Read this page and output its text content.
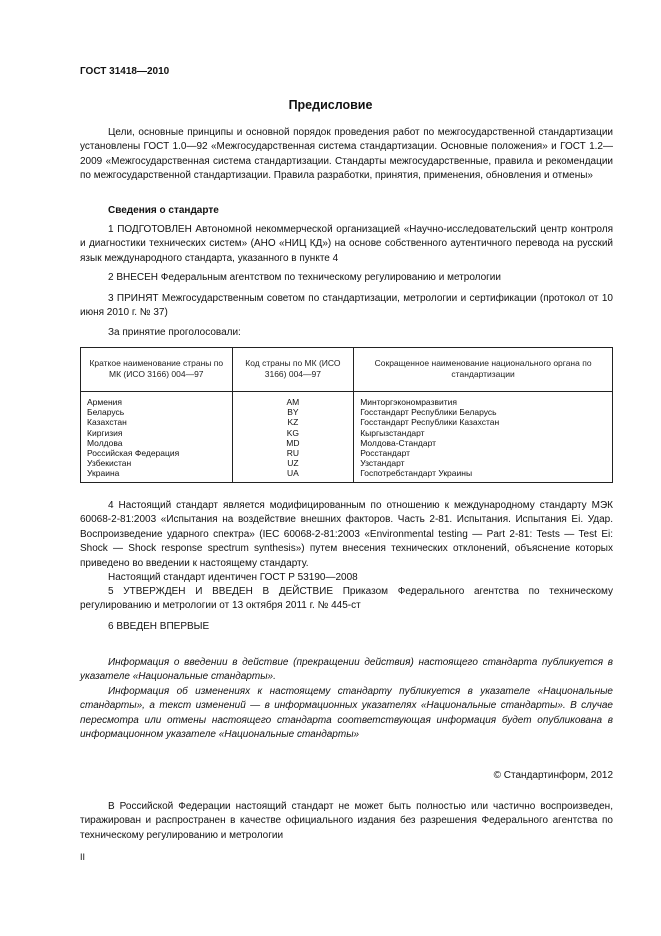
ГОСТ 31418—2010
Предисловие

Цели, основные принципы и основной порядок проведения работ по межгосударственной стандартизации установлены ГОСТ 1.0—92 «Межгосударственная система стандартизации. Основные положения» и ГОСТ 1.2—2009 «Межгосударственная система стандартизации. Стандарты межгосударственные, правила и рекомендации по межгосударственной стандартизации. Правила разработки, принятия, применения, обновления и отмены»

Сведения о стандарте

1 ПОДГОТОВЛЕН Автономной некоммерческой организацией «Научно-исследовательский центр контроля и диагностики технических систем» (АНО «НИЦ КД») на основе собственного аутентичного перевода на русский язык международного стандарта, указанного в пункте 4

2 ВНЕСЕН Федеральным агентством по техническому регулированию и метрологии

3 ПРИНЯТ Межгосударственным советом по стандартизации, метрологии и сертификации (протокол от 10 июня 2010 г. № 37)

За принятие проголосовали:

Краткое наименование страны по МК (ИСО 3166) 004—97	Код страны по МК (ИСО 3166) 004—97	Сокращенное наименование национального органа по стандартизации

Армения	AM	Минторгэкономразвития
Беларусь	BY	Госстандарт Республики Беларусь
Казахстан	KZ	Госстандарт Республики Казахстан
Киргизия	KG	Кыргызстандарт
Молдова	MD	Молдова-Стандарт
Российская Федерация	RU	Росстандарт
Узбекистан	UZ	Узстандарт
Украина	UA	Госпотребстандарт Украины

4 Настоящий стандарт является модифицированным по отношению к международному стандарту МЭК 60068-2-81:2003 «Испытания на воздействие внешних факторов. Часть 2-81. Испытания. Испытания Ei. Удар. Воспроизведение ударного спектра» (IEC 60068-2-81:2003 «Environmental testing — Part 2-81: Tests — Test Ei: Shock — Shock response spectrum synthesis») путем внесения технических отклонений, объяснение которых приведено во введении к настоящему стандарту.

Настоящий стандарт идентичен ГОСТ Р 53190—2008

5 УТВЕРЖДЕН И ВВЕДЕН В ДЕЙСТВИЕ Приказом Федерального агентства по техническому регулированию и метрологии от 13 октября 2011 г. № 445-ст

6 ВВЕДЕН ВПЕРВЫЕ

Информация о введении в действие (прекращении действия) настоящего стандарта публикуется в указателе «Национальные стандарты».

Информация об изменениях к настоящему стандарту публикуется в указателе «Национальные стандарты», а текст изменений — в информационных указателях «Национальные стандарты». В случае пересмотра или отмены настоящего стандарта соответствующая информация будет опубликована в информационном указателе «Национальные стандарты»

© Стандартинформ, 2012

В Российской Федерации настоящий стандарт не может быть полностью или частично воспроизведен, тиражирован и распространен в качестве официального издания без разрешения Федерального агентства по техническому регулированию и метрологии

II
